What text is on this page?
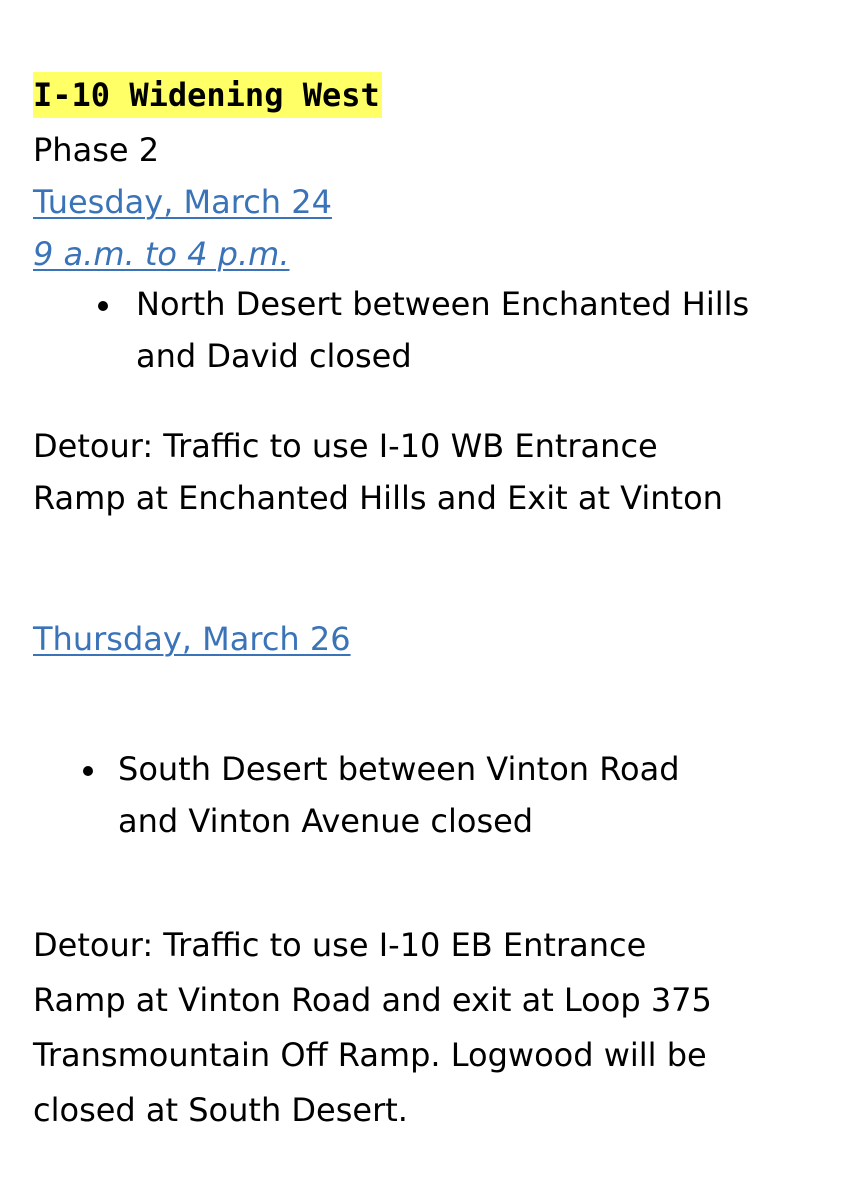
I-10 Widening West
Phase 2
Tuesday, March 24
9 a.m. to 4 p.m.
North Desert between Enchanted Hills
and David closed
Detour: Traffic to use I-10 WB Entrance
Ramp at Enchanted Hills and Exit at Vinton
Thursday, March 26
South Desert between Vinton Road
and Vinton Avenue closed
Detour: Traffic to use I-10 EB Entrance
Ramp at Vinton Road and exit at Loop 375
Transmountain Off Ramp. Logwood will be
closed at South Desert.
